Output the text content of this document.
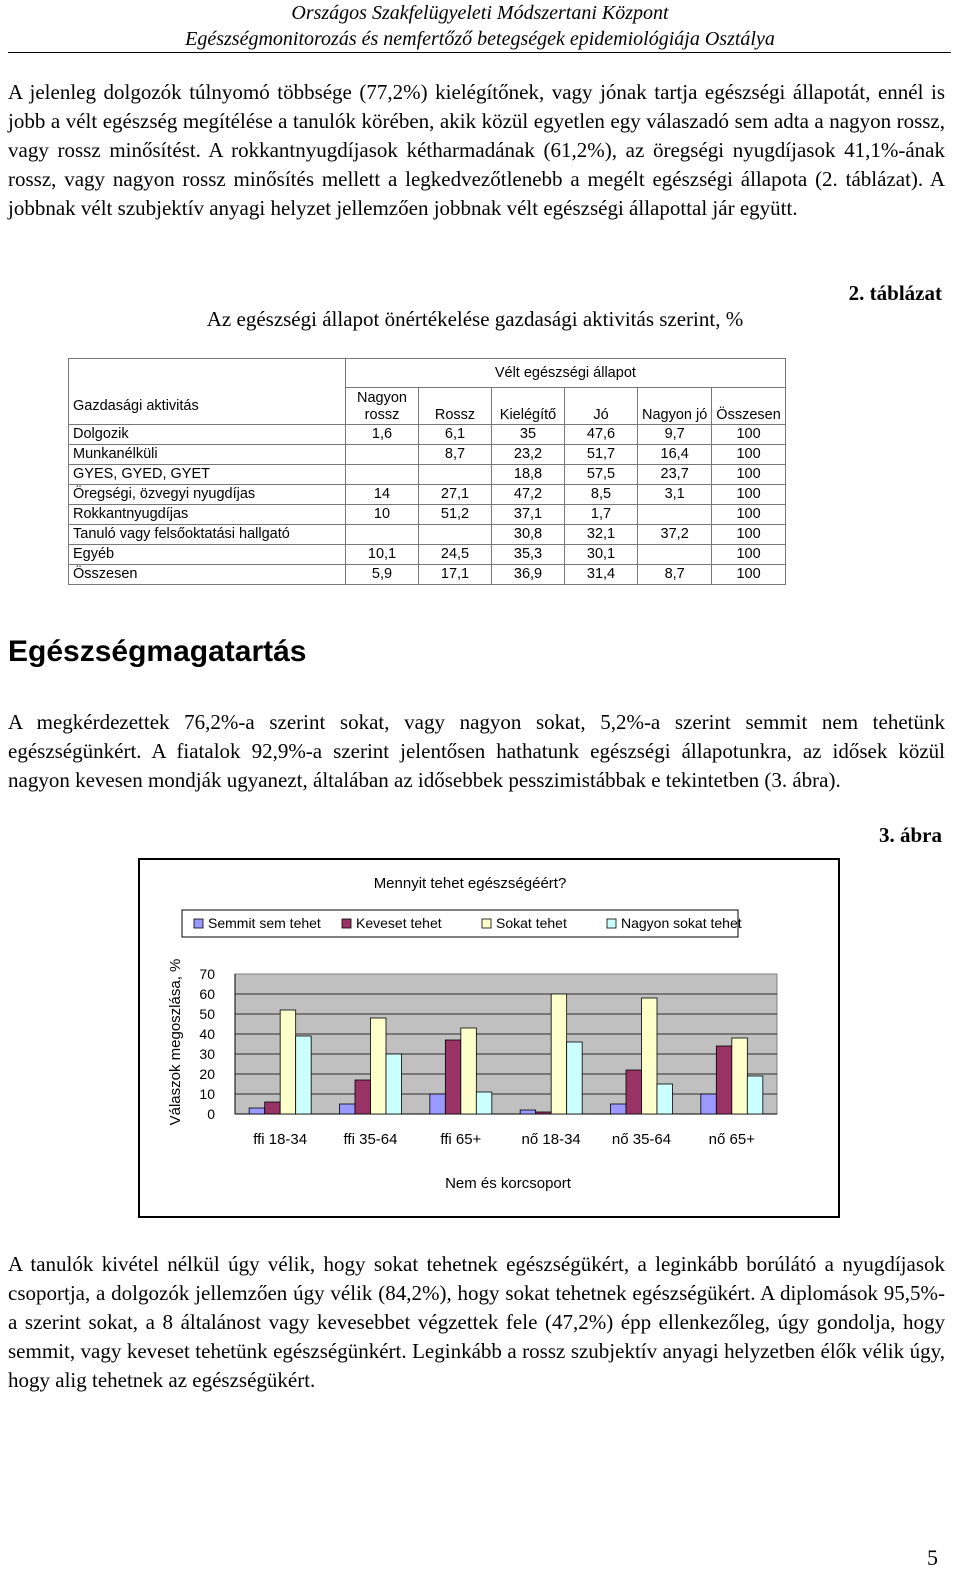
Országos Szakfelügyeleti Módszertani Központ
Egészségmonitorozás és nemfertőző betegségek epidemiológiája Osztálya
A jelenleg dolgozók túlnyomó többsége (77,2%) kielégítőnek, vagy jónak tartja egészségi állapotát, ennél is jobb a vélt egészség megítélése a tanulók körében, akik közül egyetlen egy válaszadó sem adta a nagyon rossz, vagy rossz minősítést. A rokkantnyugdíjasok kétharmadának (61,2%), az öregségi nyugdíjasok 41,1%-ának rossz, vagy nagyon rossz minősítés mellett a legkedvezőtlenebb a megélt egészségi állapota (2. táblázat). A jobbnak vélt szubjektív anyagi helyzet jellemzően jobbnak vélt egészségi állapottal jár együtt.
2. táblázat
Az egészségi állapot önértékelése gazdasági aktivitás szerint, %
	Vélt egészségi állapot					
Gazdasági aktivitás	Nagyon rossz	Rossz	Kielégítő	Jó	Nagyon jó	Összesen
Dolgozik	1,6	6,1	35	47,6	9,7	100
Munkanélküli		8,7	23,2	51,7	16,4	100
GYES, GYED, GYET			18,8	57,5	23,7	100
Öregségi, özvegyi nyugdíjas	14	27,1	47,2	8,5	3,1	100
Rokkantnyugdíjas	10	51,2	37,1	1,7		100
Tanuló vagy felsőoktatási hallgató			30,8	32,1	37,2	100
Egyéb	10,1	24,5	35,3	30,1		100
Összesen	5,9	17,1	36,9	31,4	8,7	100
Egészségmagatartás
A megkérdezettek 76,2%-a szerint sokat, vagy nagyon sokat, 5,2%-a szerint semmit nem tehetünk egészségünkért. A fiatalok 92,9%-a szerint jelentősen hathatunk egészségi állapotunkra, az idősek közül nagyon kevesen mondják ugyanezt, általában az idősebbek pesszimistábbak e tekintetben (3. ábra).
3. ábra
Mennyit tehet egészségéért?
Semmit sem tehet	Keveset tehet	Sokat tehet	Nagyon sokat tehet
0
10
20
30
40
50
60
70
ffi 18-34 ffi 35-64	ffi 65+	nő 18-34 nő 35-64	nő 65+
Nem és korcsoport
Válaszok megoszlása, %
A tanulók kivétel nélkül úgy vélik, hogy sokat tehetnek egészségükért, a leginkább borúlátó a nyugdíjasok csoportja, a dolgozók jellemzően úgy vélik (84,2%), hogy sokat tehetnek egészségükért. A diplomások 95,5%-a szerint sokat, a 8 általánost vagy kevesebbet végzettek fele (47,2%) épp ellenkezőleg, úgy gondolja, hogy semmit, vagy keveset tehetünk egészségünkért. Leginkább a rossz szubjektív anyagi helyzetben élők vélik úgy, hogy alig tehetnek az egészségükért.
5
